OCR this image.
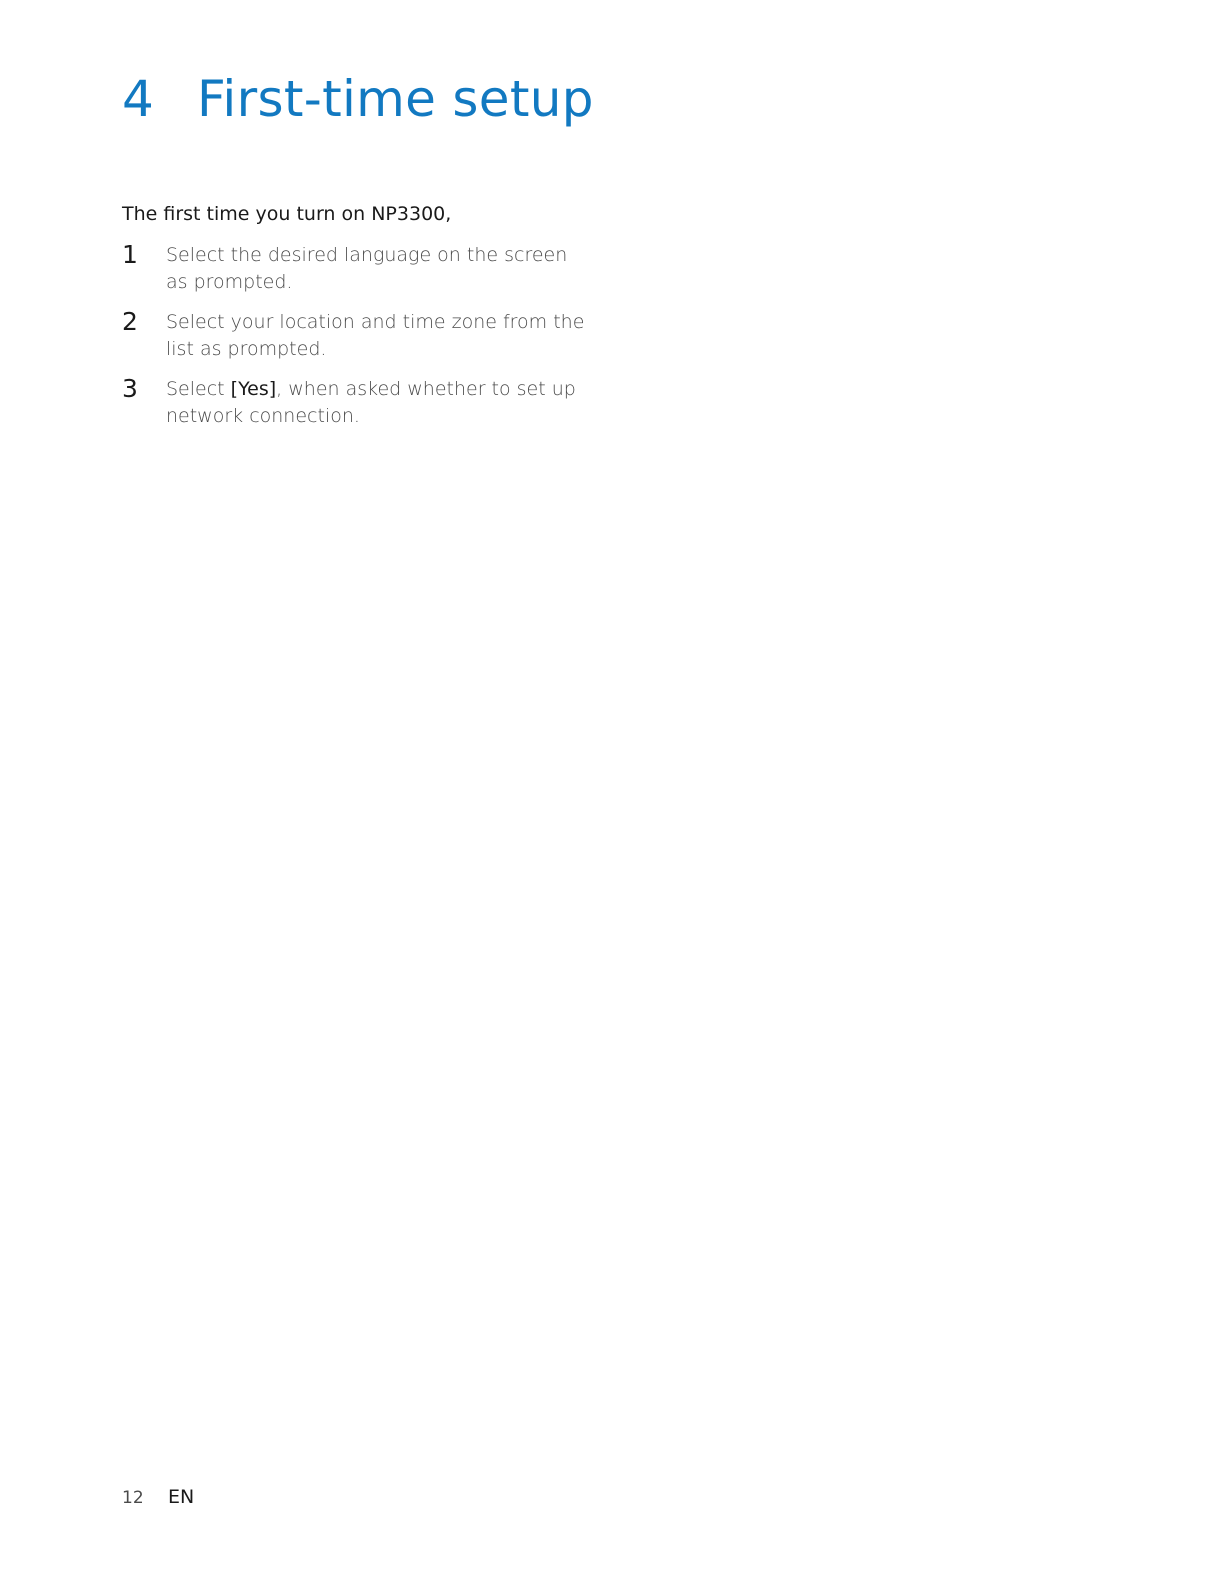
4 First-time setup

The first time you turn on NP3300,

1 Select the desired language on the screen as prompted.
2 Select your location and time zone from the list as prompted.
3 Select [Yes], when asked whether to set up network connection.
12 EN
